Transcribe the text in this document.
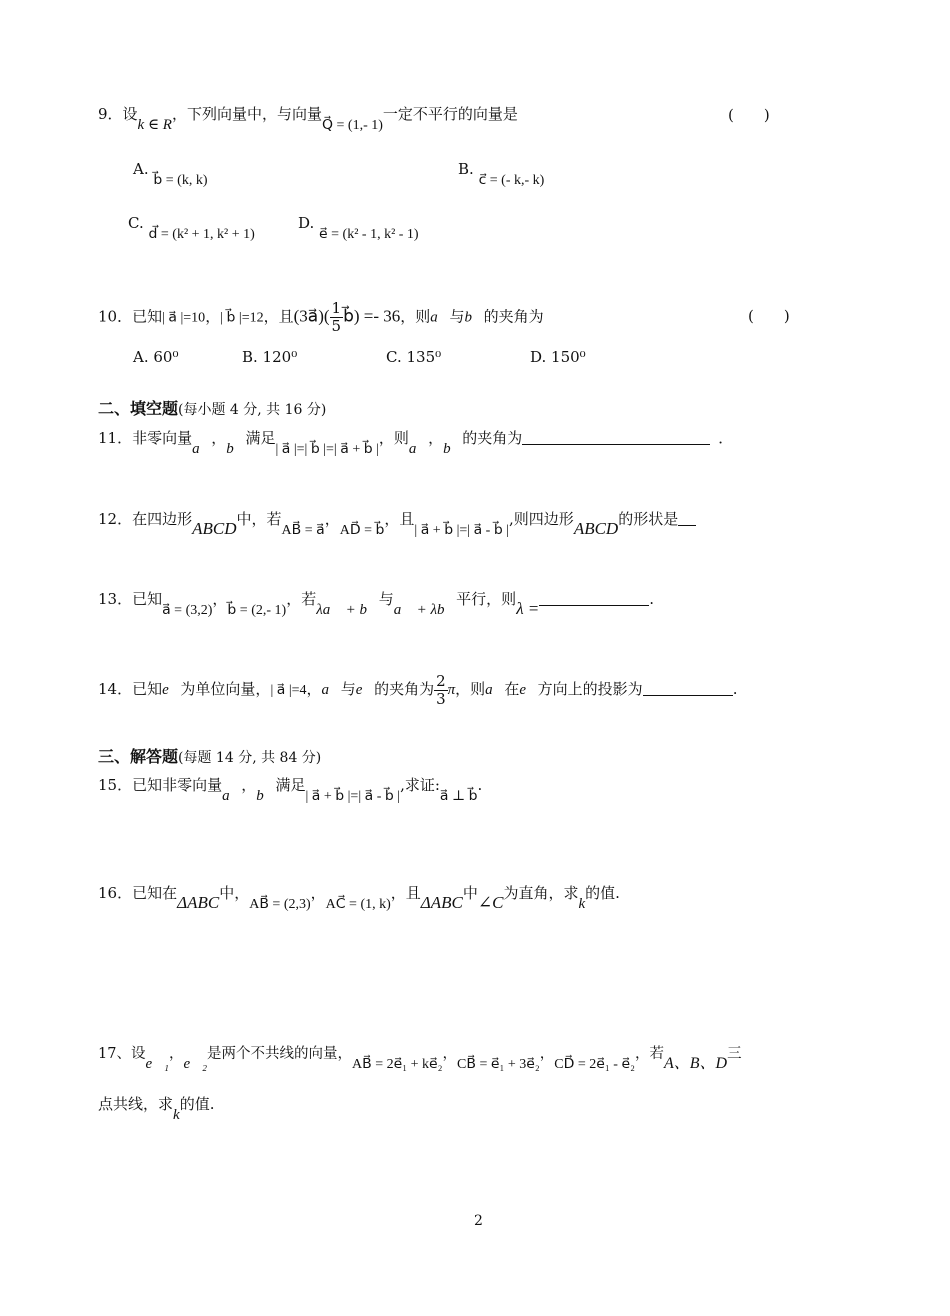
9．设k ∈ R，下列向量中，与向量Q⃗ = (1,- 1)一定不平行的向量是	(　　)
A. b⃗ = (k, k)
B. c⃗ = (- k,- k)
C. d⃗ = (k² + 1, k² + 1)
D. e⃗ = (k² - 1, k² - 1)
10．已知| a⃗ |=10，| b⃗ |=12，且(3a⃗)( $\frac{1}{5}$ b⃗) =- 36，则a⃗与b⃗的夹角为	(　　)
A. 60⁰	B. 120⁰	C. 135⁰	D. 150⁰
二、填空题(每小题 4 分, 共 16 分)
11．非零向量a⃗，b⃗满足| a⃗ |=| b⃗ |=| a⃗ + b⃗ |，则a⃗，b⃗的夹角为	．
12．在四边形ABCD中，若AB⃗ = a⃗，AD⃗ = b⃗，且| a⃗ + b⃗ |=| a⃗ - b⃗ |,则四边形ABCD的形状是
13．已知a⃗ = (3,2)，b⃗ = (2,- 1)，若λa⃗ + b⃗与a⃗ + λb⃗平行，则λ =	.
14．已知e⃗为单位向量，| a⃗ |=4，a⃗与e⃗的夹角为 $\frac{2}{3}$ π，则a⃗在e⃗方向上的投影为	.
三、解答题(每题 14 分, 共 84 分)
15．已知非零向量a⃗，b⃗满足| a⃗ + b⃗ |=| a⃗ - b⃗ |,求证:a⃗ ⊥ b⃗.
16．已知在ΔABC中，AB⃗ = (2,3)，AC⃗ = (1, k)，且ΔABC中∠C为直角，求k的值.
17、设e⃗₁，e⃗₂是两个不共线的向量，AB⃗ = 2e⃗₁ + ke⃗₂，CB⃗ = e⃗₁ + 3e⃗₂，CD⃗ = 2e⃗₁ - e⃗₂，若A、B、D三
点共线，求k的值.
2
